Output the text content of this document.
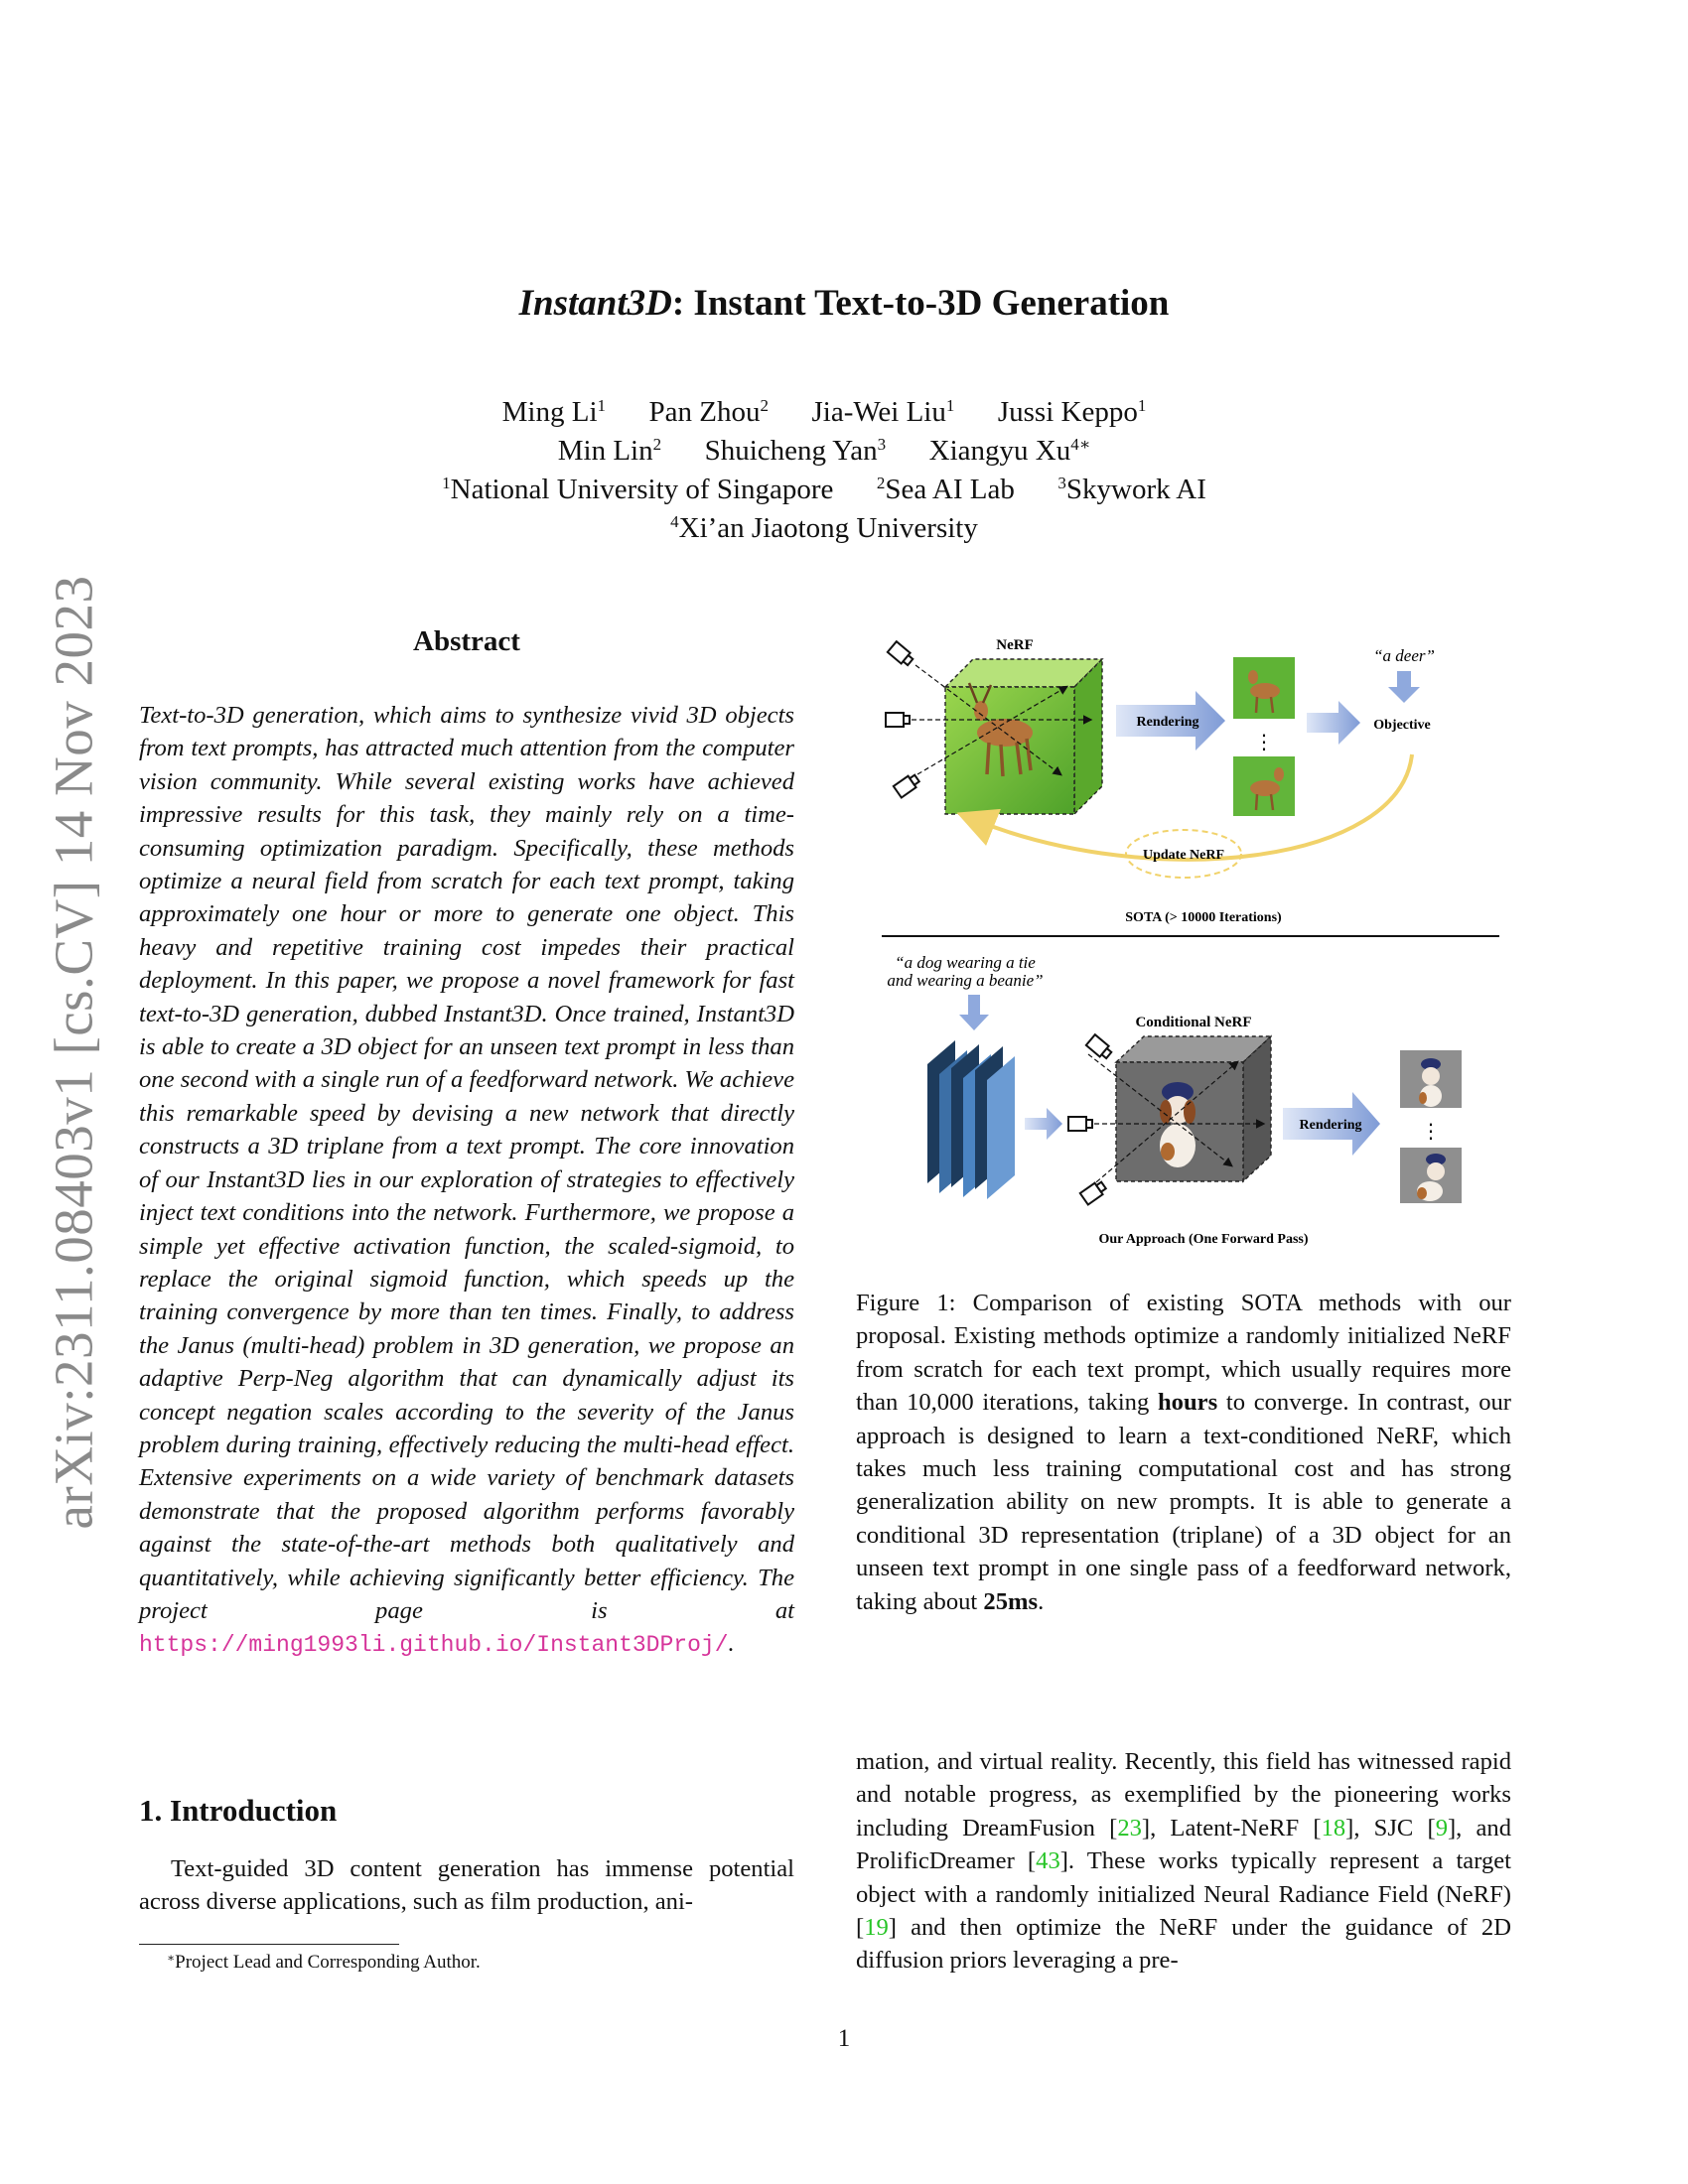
arXiv:2311.08403v1 [cs.CV] 14 Nov 2023
Instant3D: Instant Text-to-3D Generation
Ming Li$^1$ Pan Zhou$^2$ Jia-Wei Liu$^1$ Jussi Keppo$^1$
Min Lin$^2$ Shuicheng Yan$^3$ Xiangyu $Xu^{4∗}$
$^1$National University of Singapore	$^2$Sea AI Lab	$^3$Skywork AI
$^4$Xi’an Jiaotong University
Abstract
Text-to-3D generation, which aims to synthesize vivid 3D objects from text prompts, has attracted much attention from the computer vision community. While several existing works have achieved impressive results for this task, they mainly rely on a time-consuming optimization paradigm. Specifically, these methods optimize a neural field from scratch for each text prompt, taking approximately one hour or more to generate one object. This heavy and repetitive training cost impedes their practical deployment. In this paper, we propose a novel framework for fast text-to-3D generation, dubbed Instant3D. Once trained, Instant3D is able to create a 3D object for an unseen text prompt in less than one second with a single run of a feedforward network. We achieve this remarkable speed by devising a new network that directly constructs a 3D triplane from a text prompt. The core innovation of our Instant3D lies in our exploration of strategies to effectively inject text conditions into the network. Furthermore, we propose a simple yet effective activation function, the scaled-sigmoid, to replace the original sigmoid function, which speeds up the training convergence by more than ten times. Finally, to address the Janus (multi-head) problem in 3D generation, we propose an adaptive Perp-Neg algorithm that can dynamically adjust its concept negation scales according to the severity of the Janus problem during training, effectively reducing the multi-head effect. Extensive experiments on a wide variety of benchmark datasets demonstrate that the proposed algorithm performs favorably against the state-of-the-art methods both qualitatively and quantitatively, while achieving significantly better efficiency. The project page is at https://ming1993li.github.io/Instant3DProj/.
1. Introduction
Text-guided 3D content generation has immense potential across diverse applications, such as film production, ani-
∗Project Lead and Corresponding Author.
NeRF
Rendering
⋮
Objective
“a deer”
Update NeRF
SOTA (> 10000 Iterations)
“a dog wearing a tie
and wearing a beanie”
Conditional NeRF
Rendering	⋮
Our Approach (One Forward Pass)
Figure 1: Comparison of existing SOTA methods with our proposal. Existing methods optimize a randomly initialized NeRF from scratch for each text prompt, which usually requires more than 10,000 iterations, taking hours to converge. In contrast, our approach is designed to learn a text-conditioned NeRF, which takes much less training computational cost and has strong generalization ability on new prompts. It is able to generate a conditional 3D representation (triplane) of a 3D object for an unseen text prompt in one single pass of a feedforward network, taking about 25ms.
mation, and virtual reality. Recently, this field has witnessed rapid and notable progress, as exemplified by the pioneering works including DreamFusion [23], Latent-NeRF [18], SJC [9], and ProlificDreamer [43]. These works typically represent a target object with a randomly initialized Neural Radiance Field (NeRF) [19] and then optimize the NeRF under the guidance of 2D diffusion priors leveraging a pre-
1
